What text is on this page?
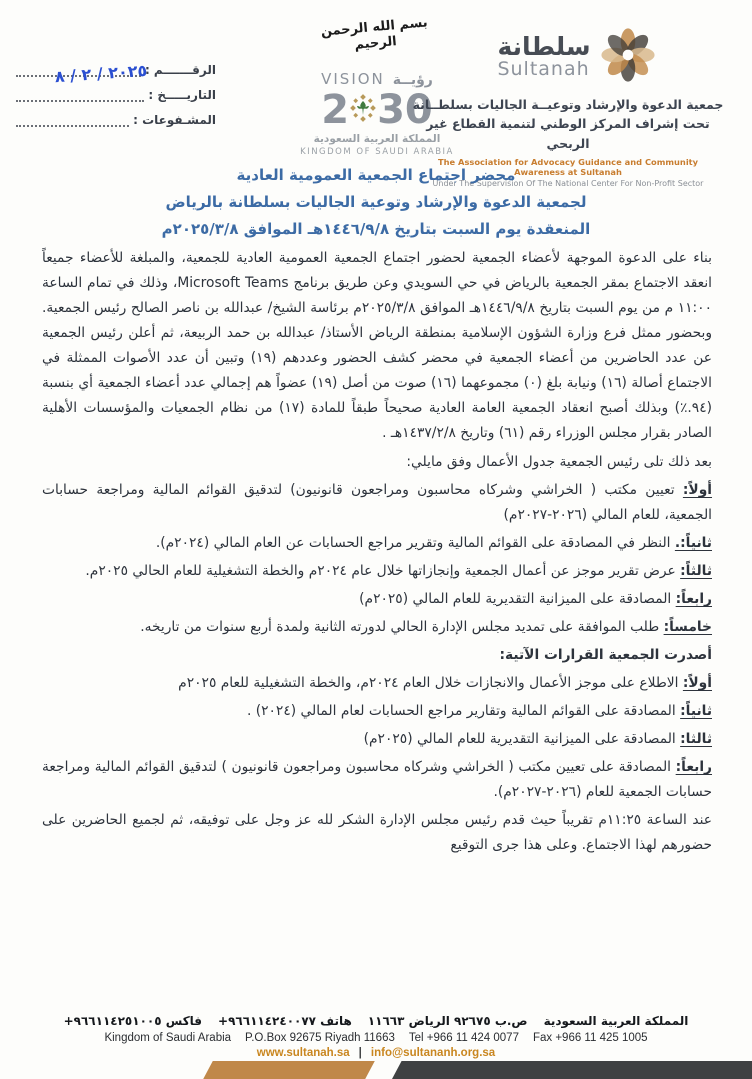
الرقـــــــم :
التاريـــــخ :
المشـفوعات :
٢٠٢٥ / ٢ / ٨
بسم الله الرحمن الرحيم
VISION رؤيــة
2 30
المملكة العربية السعودية
KINGDOM OF SAUDI ARABIA
سلطانة
Sultanah
جمعية الدعوة والإرشاد وتوعيــة الجاليات بسلطــانة
تحت إشراف المركز الوطني لتنمية القطاع غير الربحي
The Association for Advocacy Guidance and Community Awareness at Sultanah
Under The Supervision Of The National Center For Non-Profit Sector
محضر اجتماع الجمعية العمومية العادية
لجمعية الدعوة والإرشاد وتوعية الجاليات بسلطانة بالرياض
المنعقدة يوم السبت بتاريخ ١٤٤٦/٩/٨هـ الموافق ٢٠٢٥/٣/٨م

بناء على الدعوة الموجهة لأعضاء الجمعية لحضور اجتماع الجمعية العمومية العادية للجمعية، والمبلغة للأعضاء جميعاً انعقد الاجتماع بمقر الجمعية بالرياض في حي السويدي وعن طريق برنامج Microsoft Teams، وذلك في تمام الساعة ١١:٠٠ م من يوم السبت بتاريخ ١٤٤٦/٩/٨هـ الموافق ٢٠٢٥/٣/٨م برئاسة الشيخ/ عبدالله بن ناصر الصالح رئيس الجمعية. وبحضور ممثل فرع وزارة الشؤون الإسلامية بمنطقة الرياض الأستاذ/ عبدالله بن حمد الربيعة، ثم أعلن رئيس الجمعية عن عدد الحاضرين من أعضاء الجمعية في محضر كشف الحضور وعددهم (١٩) وتبين أن عدد الأصوات الممثلة في الاجتماع أصالة (١٦) ونيابة بلغ (٠) مجموعهما (١٦) صوت من أصل (١٩) عضواً هم إجمالي عدد أعضاء الجمعية أي بنسبة (٩٤.٪) وبذلك أصبح انعقاد الجمعية العامة العادية صحيحاً طبقاً للمادة (١٧) من نظام الجمعيات والمؤسسات الأهلية الصادر بقرار مجلس الوزراء رقم (٦١) وتاريخ ١٤٣٧/٢/٨هـ .

بعد ذلك تلى رئيس الجمعية جدول الأعمال وفق مايلي:

أولاً: تعيين مكتب ( الخراشي وشركاه محاسبون ومراجعون قانونيون) لتدقيق القوائم المالية ومراجعة حسابات الجمعية، للعام المالي (٢٠٢٦-٢٠٢٧م)

ثانياً:. النظر في المصادقة على القوائم المالية وتقرير مراجع الحسابات عن العام المالي (٢٠٢٤م).

ثالثاً: عرض تقرير موجز عن أعمال الجمعية وإنجازاتها خلال عام ٢٠٢٤م والخطة التشغيلية للعام الحالي ٢٠٢٥م.

رابعاً: المصادقة على الميزانية التقديرية للعام المالي (٢٠٢٥م)

خامساً: طلب الموافقة على تمديد مجلس الإدارة الحالي لدورته الثانية ولمدة أربع سنوات من تاريخه.

أصدرت الجمعية القرارات الآتية:

أولاً: الاطلاع على موجز الأعمال والانجازات خلال العام ٢٠٢٤م، والخطة التشغيلية للعام ٢٠٢٥م

ثانياً: المصادقة على القوائم المالية وتقارير مراجع الحسابات لعام المالي (٢٠٢٤) .

ثالثا: المصادقة على الميزانية التقديرية للعام المالي (٢٠٢٥م)

رابعاً: المصادقة على تعيين مكتب ( الخراشي وشركاه محاسبون ومراجعون قانونيون ) لتدقيق القوائم المالية ومراجعة حسابات الجمعية للعام (٢٠٢٦-٢٠٢٧م).

عند الساعة ١١:٢٥م تقريباً حيث قدم رئيس مجلس الإدارة الشكر لله عز وجل على توفيقه، ثم لجميع الحاضرين على حضورهم لهذا الاجتماع. وعلى هذا جرى التوقيع

المملكة العربية السعودية
ص.ب ٩٢٦٧٥ الرياض ١١٦٦٣
هاتف ٩٦٦١١٤٢٤٠٠٧٧+
فاكس ٩٦٦١١٤٢٥١٠٠٥+
Kingdom of Saudi Arabia P.O.Box 92675 Riyadh 11663 Tel +966 11 424 0077 Fax +966 11 425 1005
www.sultanah.sa | info@sultananh.org.sa
